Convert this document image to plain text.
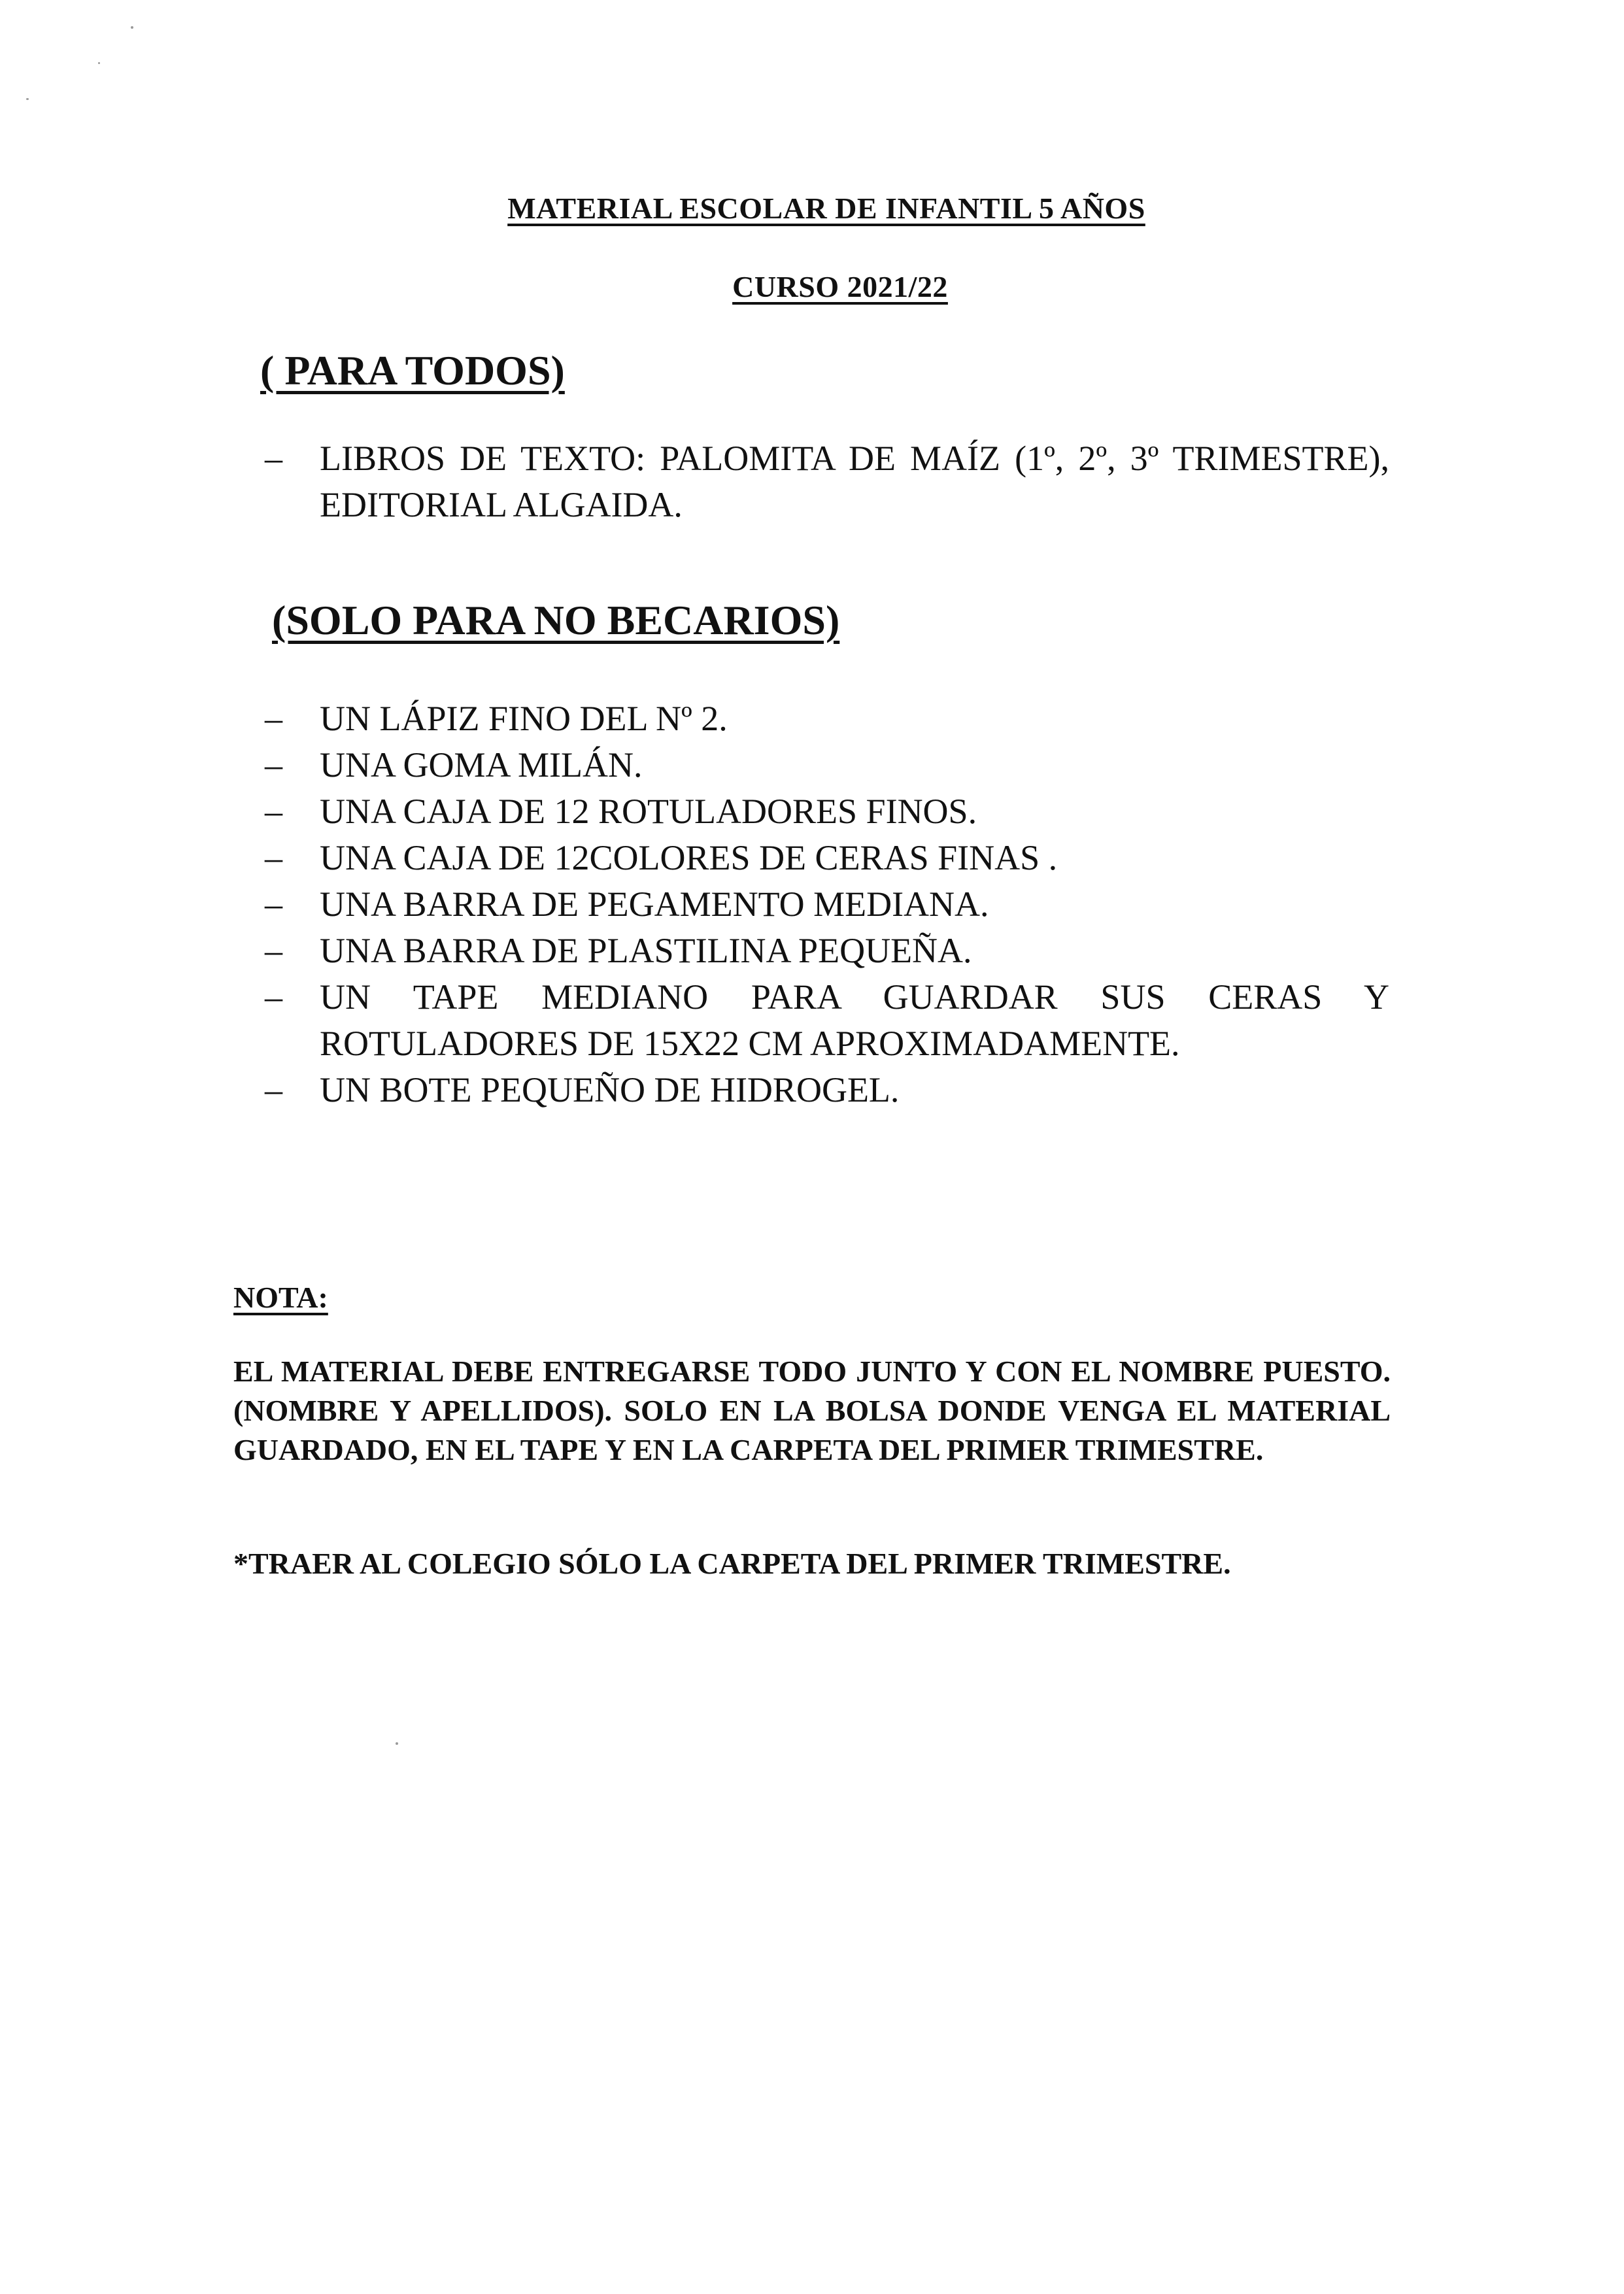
MATERIAL ESCOLAR DE INFANTIL 5 AÑOS
CURSO 2021/22
( PARA TODOS)
–	LIBROS DE TEXTO: PALOMITA DE MAÍZ (1º, 2º, 3º TRIMESTRE), EDITORIAL ALGAIDA.
(SOLO PARA NO BECARIOS)
–	UN LÁPIZ FINO DEL Nº 2.
–	UNA GOMA MILÁN.
–	UNA CAJA DE 12 ROTULADORES FINOS.
–	UNA CAJA DE 12COLORES DE CERAS FINAS .
–	UNA BARRA DE PEGAMENTO MEDIANA.
–	UNA BARRA DE PLASTILINA PEQUEÑA.
–	UN TAPE MEDIANO PARA GUARDAR SUS CERAS Y ROTULADORES DE 15X22 CM APROXIMADAMENTE.
–	UN BOTE PEQUEÑO DE HIDROGEL.
NOTA:
EL MATERIAL DEBE ENTREGARSE TODO JUNTO Y CON EL NOMBRE PUESTO.(NOMBRE Y APELLIDOS). SOLO EN LA BOLSA DONDE VENGA EL MATERIAL GUARDADO, EN EL TAPE Y EN LA CARPETA DEL PRIMER TRIMESTRE.
*TRAER AL COLEGIO SÓLO LA CARPETA DEL PRIMER TRIMESTRE.
